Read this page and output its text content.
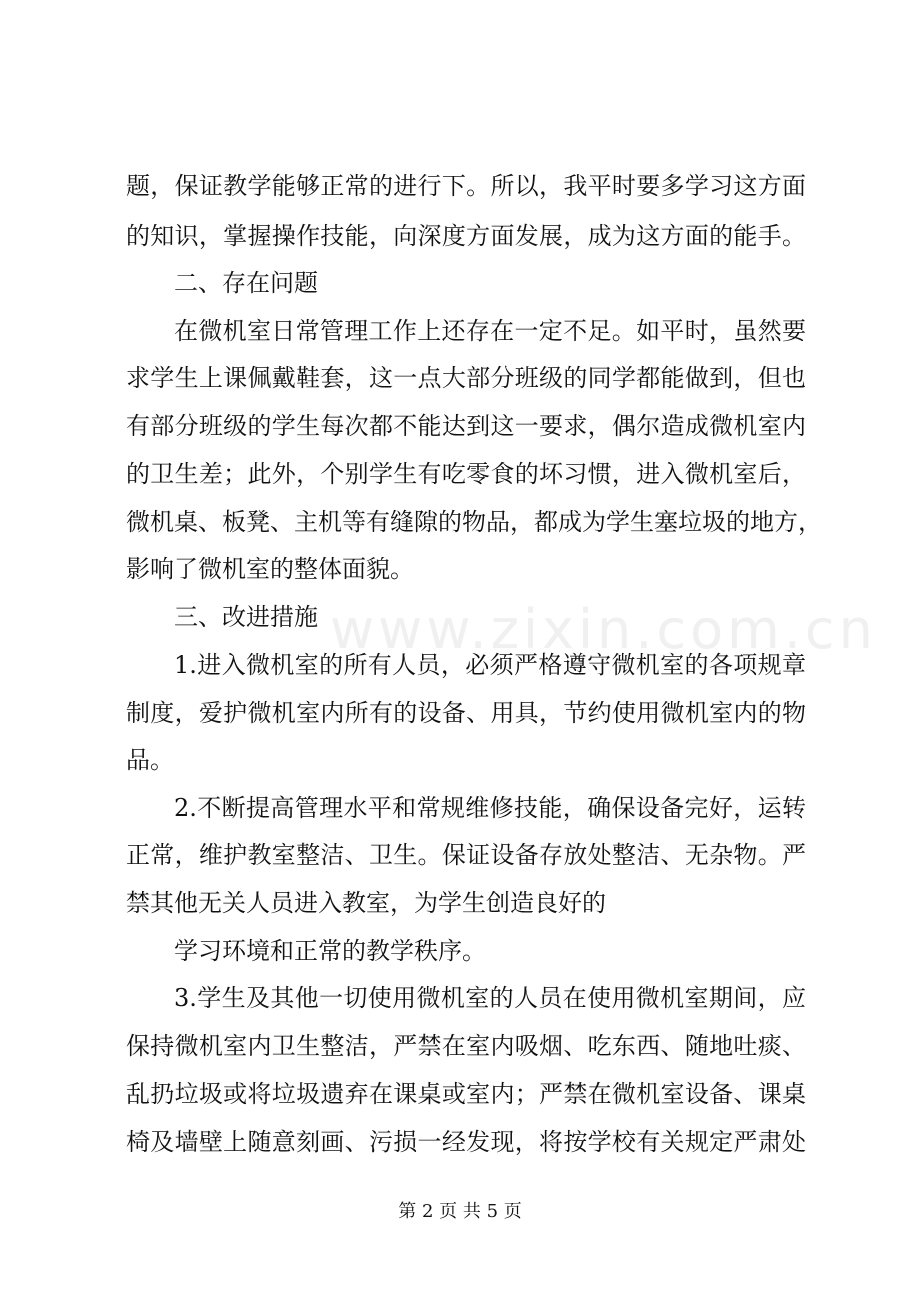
题，保证教学能够正常的进行下。所以，我平时要多学习这方面
的知识，掌握操作技能，向深度方面发展，成为这方面的能手。
二、存在问题
在微机室日常管理工作上还存在一定不足。如平时，虽然要
求学生上课佩戴鞋套，这一点大部分班级的同学都能做到，但也
有部分班级的学生每次都不能达到这一要求，偶尔造成微机室内
的卫生差；此外，个别学生有吃零食的坏习惯，进入微机室后，
微机桌、板凳、主机等有缝隙的物品，都成为学生塞垃圾的地方，
影响了微机室的整体面貌。
三、改进措施
1.进入微机室的所有人员，必须严格遵守微机室的各项规章
制度，爱护微机室内所有的设备、用具，节约使用微机室内的物
品。
2.不断提高管理水平和常规维修技能，确保设备完好，运转
正常，维护教室整洁、卫生。保证设备存放处整洁、无杂物。严
禁其他无关人员进入教室，为学生创造良好的
学习环境和正常的教学秩序。
3.学生及其他一切使用微机室的人员在使用微机室期间，应
保持微机室内卫生整洁，严禁在室内吸烟、吃东西、随地吐痰、
乱扔垃圾或将垃圾遗弃在课桌或室内；严禁在微机室设备、课桌
椅及墙壁上随意刻画、污损一经发现，将按学校有关规定严肃处
www.zixin.com.cn
第 2 页 共 5 页
